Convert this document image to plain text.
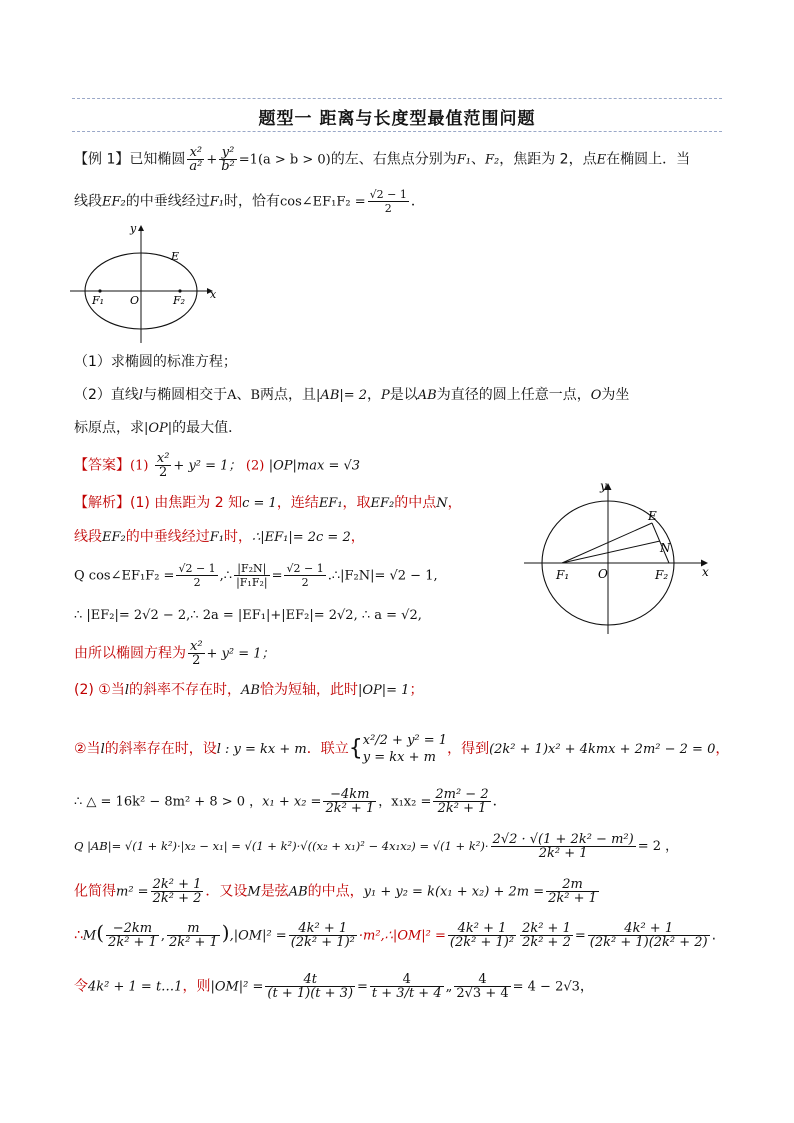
题型一 距离与长度型最值范围问题
【例 1】已知椭圆 $\frac{\text{x²}}{\text{a²}} + \frac{\text{y²}}{\text{b²}} =1(a > b > 0)$的左、右焦点分别为F₁、F₂，焦距为 2，点E在椭圆上．当
线段EF₂的中垂线经过F₁时，恰有cos∠EF₁F₂ = $\frac{√2 - 1}{2}$ ．
y
x
E
O
F₁	F₂
（1）求椭圆的标准方程；
（2）直线l与椭圆相交于A、B两点，且|AB|= 2，P是以AB为直径的圆上任意一点，O为坐
标原点，求|OP|的最大值．
【答案】$(1) \frac{\text{x²}}{2} + y^2 = 1$； (2) |OP|max = √3
【解析】(1) 由焦距为 2 知c = 1，连结EF₁，取EF₂的中点N，
线段EF₂的中垂线经过F₁时，∴|EF₁|= 2c = 2，
Q cos∠EF₁F₂ = $\frac{√2 - 1}{2}$ ,∴ $\frac{\text{|F₂N|}}{\text{|F₁F₂|}} = \frac{√2 - 1}{2}$ .∴|F₂N|= √2 − 1,
∴ |EF₂|= 2√2 − 2,∴ 2a = |EF₁|+|EF₂|= 2√2, ∴ a = √2,
由所以椭圆方程为 $\frac{\text{x²}}{2} + y^2 = 1$；
(2) ①当l的斜率不存在时，AB恰为短轴，此时|OP|= 1；
②当l的斜率存在时，设l : y = kx + m．联立{ x²/2 + y² = 1
y = kx + m
，得到(2k² + 1)x² + 4kmx + 2m² − 2 = 0，
∴ △ = 16k² − 8m² + 8 > 0 ，$x_1 + x_2 = \frac{-4km}{\text{2k² + 1}}$ ，$x_1x_2 = \frac{\text{2m² − 2}}{\text{2k² + 1}}$ ．
Q $|AB|= √(1 + k^2)\cdot|x_2 - x_1| = √(1 + k^2)\cdot√((x_2 + x_1)^2 - 4x_1x_2) = √(1 + k^2)\cdot \frac{\text{2√2 · √(1 + 2k² − m²)}}{\text{2k² + 1}} = 2$ ，
化简得$m^2 = \frac{\text{2k² + 1}}{\text{2k² + 2}}$ ．又设M是弦AB的中点，$y_1 + y_2 = k(x_1 + x_2) + 2m = \frac{2m}{\text{2k² + 1}}$
∴M( $\frac{-2km}{\text{2k² + 1}}$ , $\frac{m}{\text{2k² + 1}} ),|OM|^2 = \frac{\text{4k² + 1}}{\text{(2k² + 1)²}}$ ·m²,∴|OM|² = $\frac{\text{4k² + 1}}{\text{(2k² + 1)²}} \frac{\text{2k² + 1}}{\text{2k² + 2}} = \frac{\text{4k² + 1}}{\text{(2k² + 1)(2k² + 2)}}$ .
令4k² + 1 = t…1，则$|OM|^2 = \frac{4t}{(t + 1)(t + 3)} = \frac{4}{t + 3/t + 4}$ „ $\frac{4}{2√3 + 4} = 4 - 2√3$，
y
x
E
N
O
F₁	F₂
